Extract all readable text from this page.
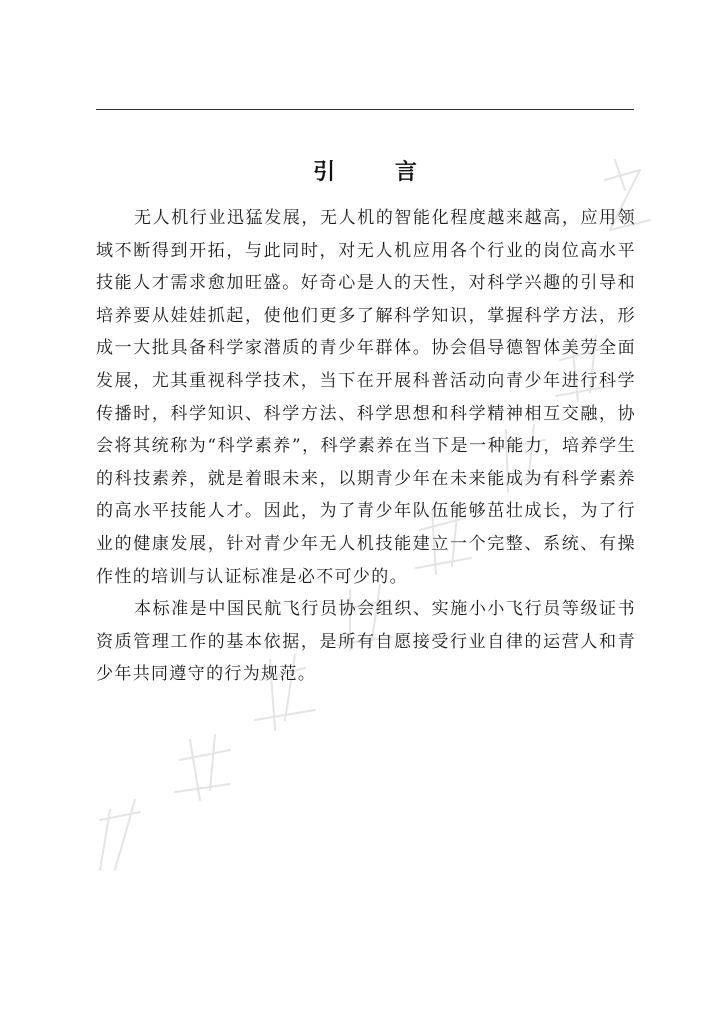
引 言

无人机行业迅猛发展，无人机的智能化程度越来越高，应用领域不断得到开拓，与此同时，对无人机应用各个行业的岗位高水平技能人才需求愈加旺盛。好奇心是人的天性，对科学兴趣的引导和培养要从娃娃抓起，使他们更多了解科学知识，掌握科学方法，形成一大批具备科学家潜质的青少年群体。协会倡导德智体美劳全面发展，尤其重视科学技术，当下在开展科普活动向青少年进行科学传播时，科学知识、科学方法、科学思想和科学精神相互交融，协会将其统称为“科学素养”，科学素养在当下是一种能力，培养学生的科技素养，就是着眼未来，以期青少年在未来能成为有科学素养的高水平技能人才。因此，为了青少年队伍能够茁壮成长，为了行业的健康发展，针对青少年无人机技能建立一个完整、系统、有操作性的培训与认证标准是必不可少的。

本标准是中国民航飞行员协会组织、实施小小飞行员等级证书资质管理工作的基本依据，是所有自愿接受行业自律的运营人和青少年共同遵守的行为规范。
